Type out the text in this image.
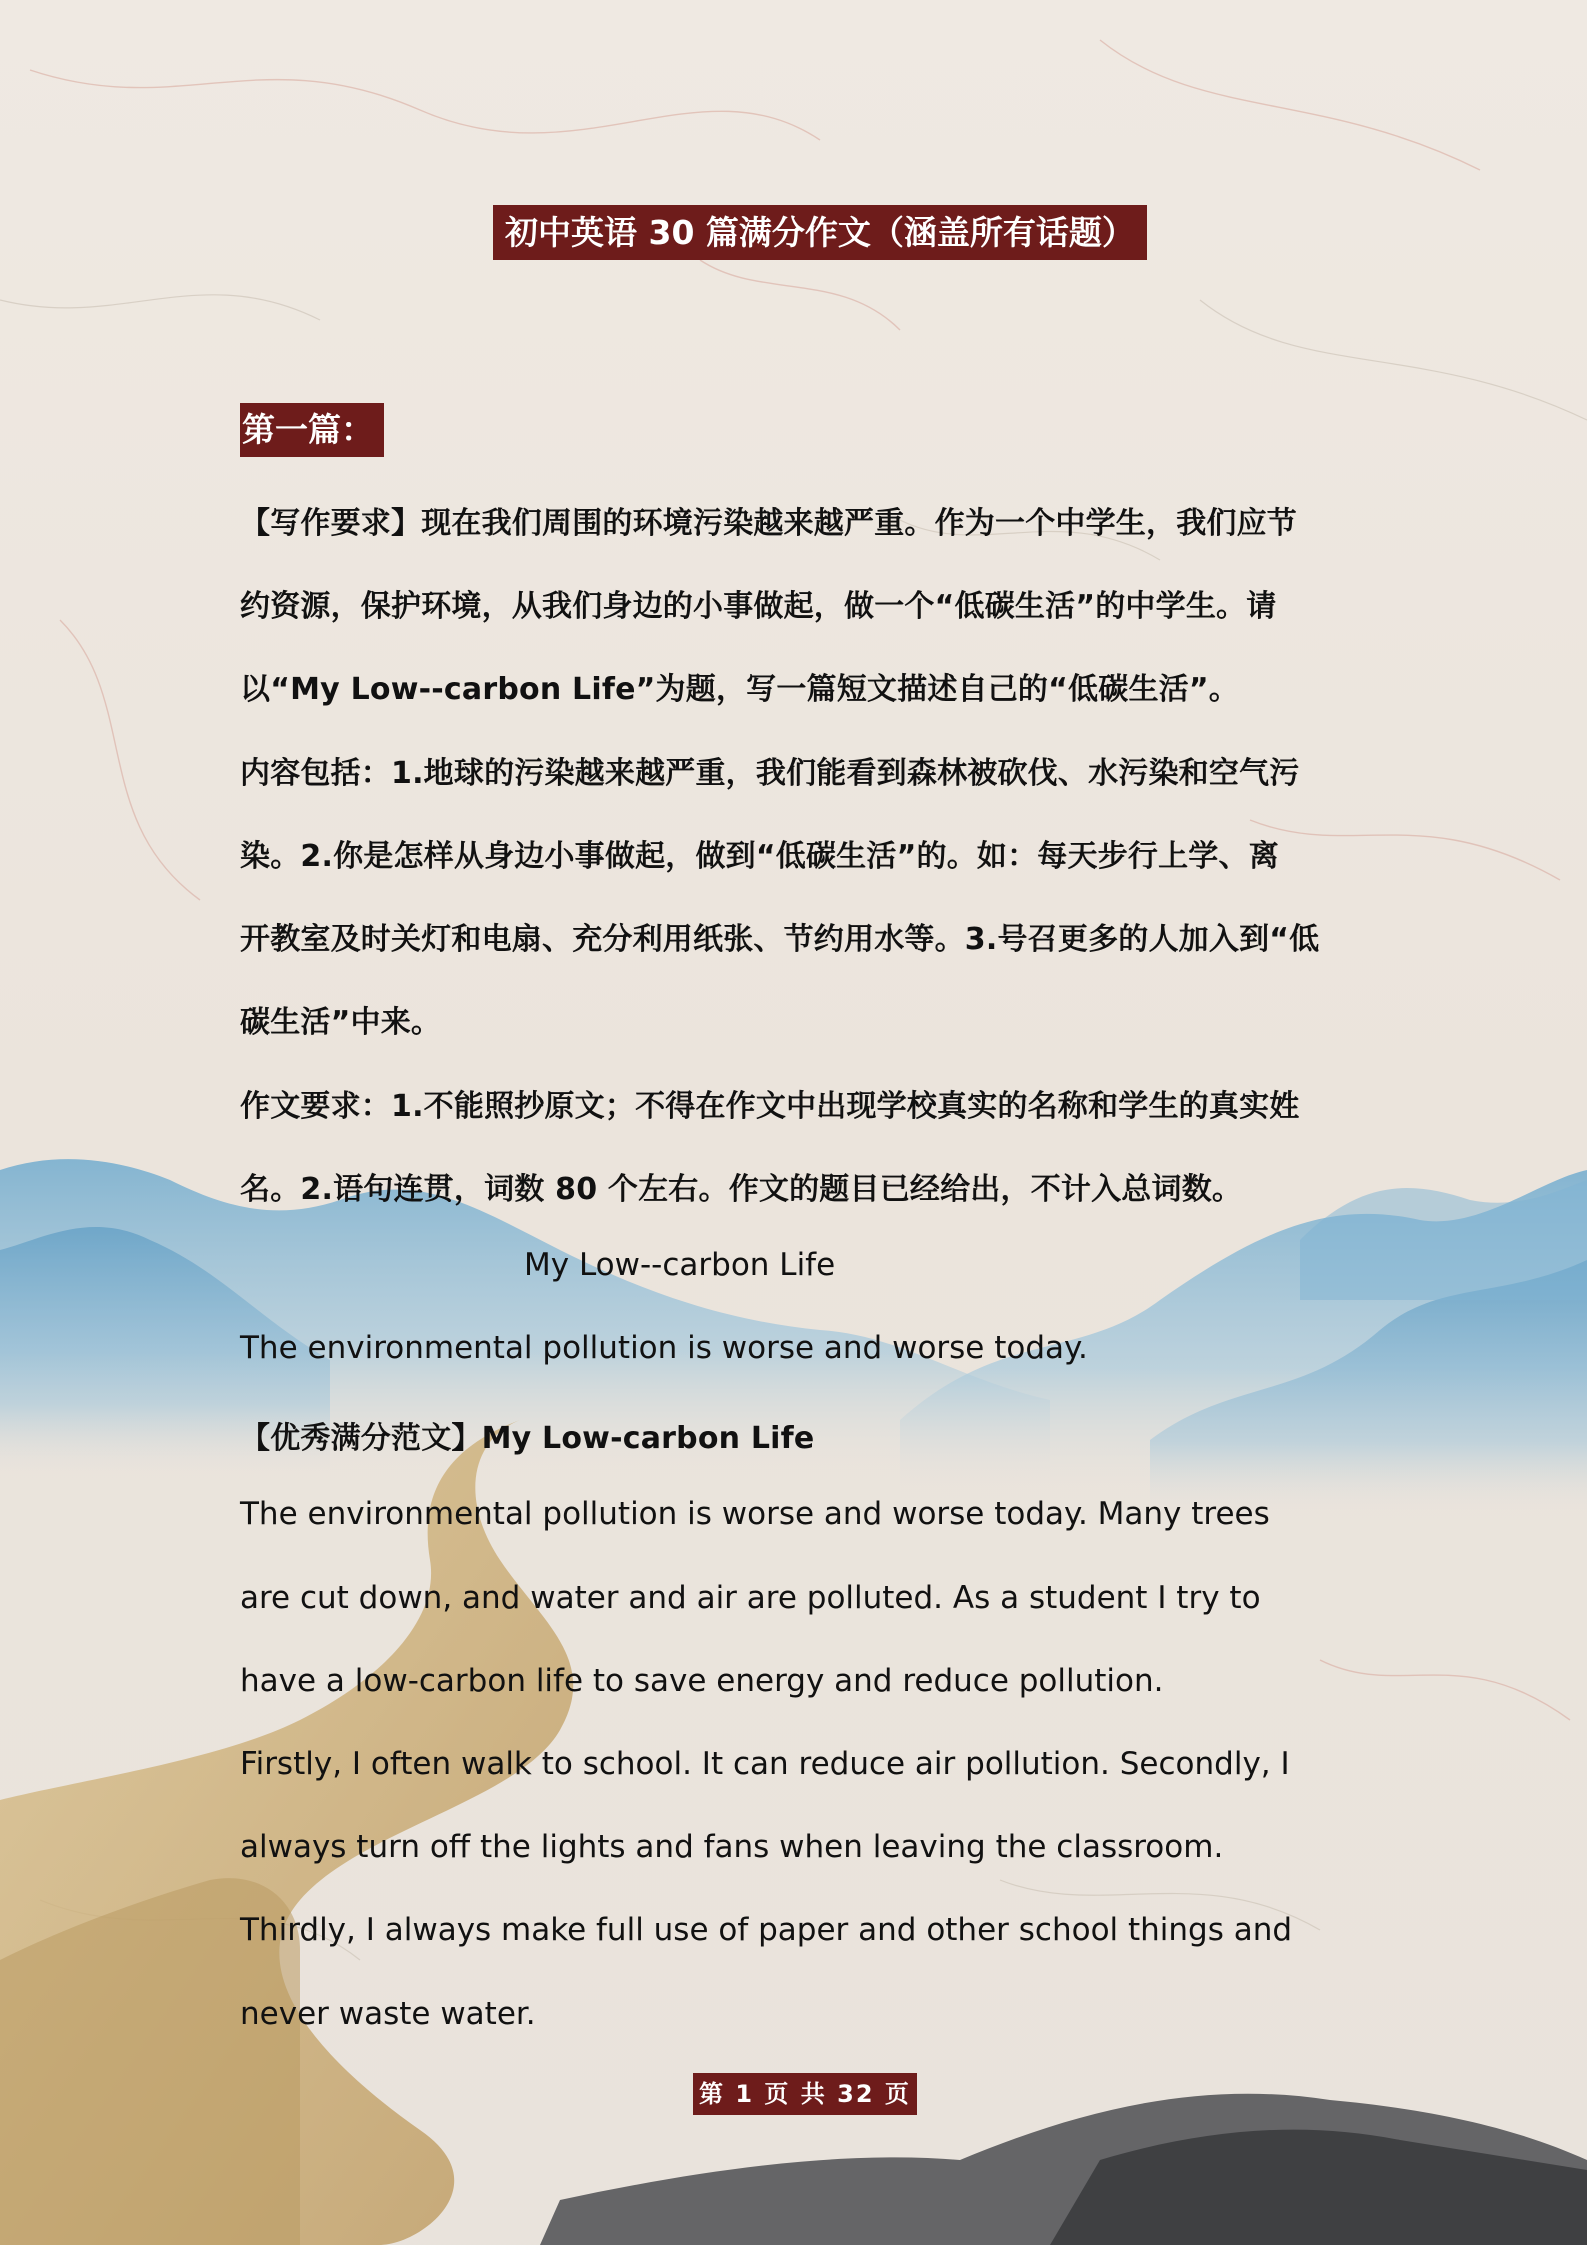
初中英语 30 篇满分作文（涵盖所有话题）
第一篇：
【写作要求】现在我们周围的环境污染越来越严重。作为一个中学生，我们应节
约资源，保护环境，从我们身边的小事做起，做一个“低碳生活”的中学生。请
以“My Low--carbon Life”为题，写一篇短文描述自己的“低碳生活”。
内容包括：1.地球的污染越来越严重，我们能看到森林被砍伐、水污染和空气污
染。2.你是怎样从身边小事做起，做到“低碳生活”的。如：每天步行上学、离
开教室及时关灯和电扇、充分利用纸张、节约用水等。3.号召更多的人加入到“低
碳生活”中来。
作文要求：1.不能照抄原文；不得在作文中出现学校真实的名称和学生的真实姓
名。2.语句连贯，词数 80 个左右。作文的题目已经给出，不计入总词数。
My Low--carbon Life
The environmental pollution is worse and worse today.
【优秀满分范文】My Low-carbon Life
The environmental pollution is worse and worse today. Many trees
are cut down, and water and air are polluted. As a student I try to
have a low-carbon life to save energy and reduce pollution.
Firstly, I often walk to school. It can reduce air pollution. Secondly, I
always turn off the lights and fans when leaving the classroom.
Thirdly, I always make full use of paper and other school things and
never waste water.
第 1 页 共 32 页
